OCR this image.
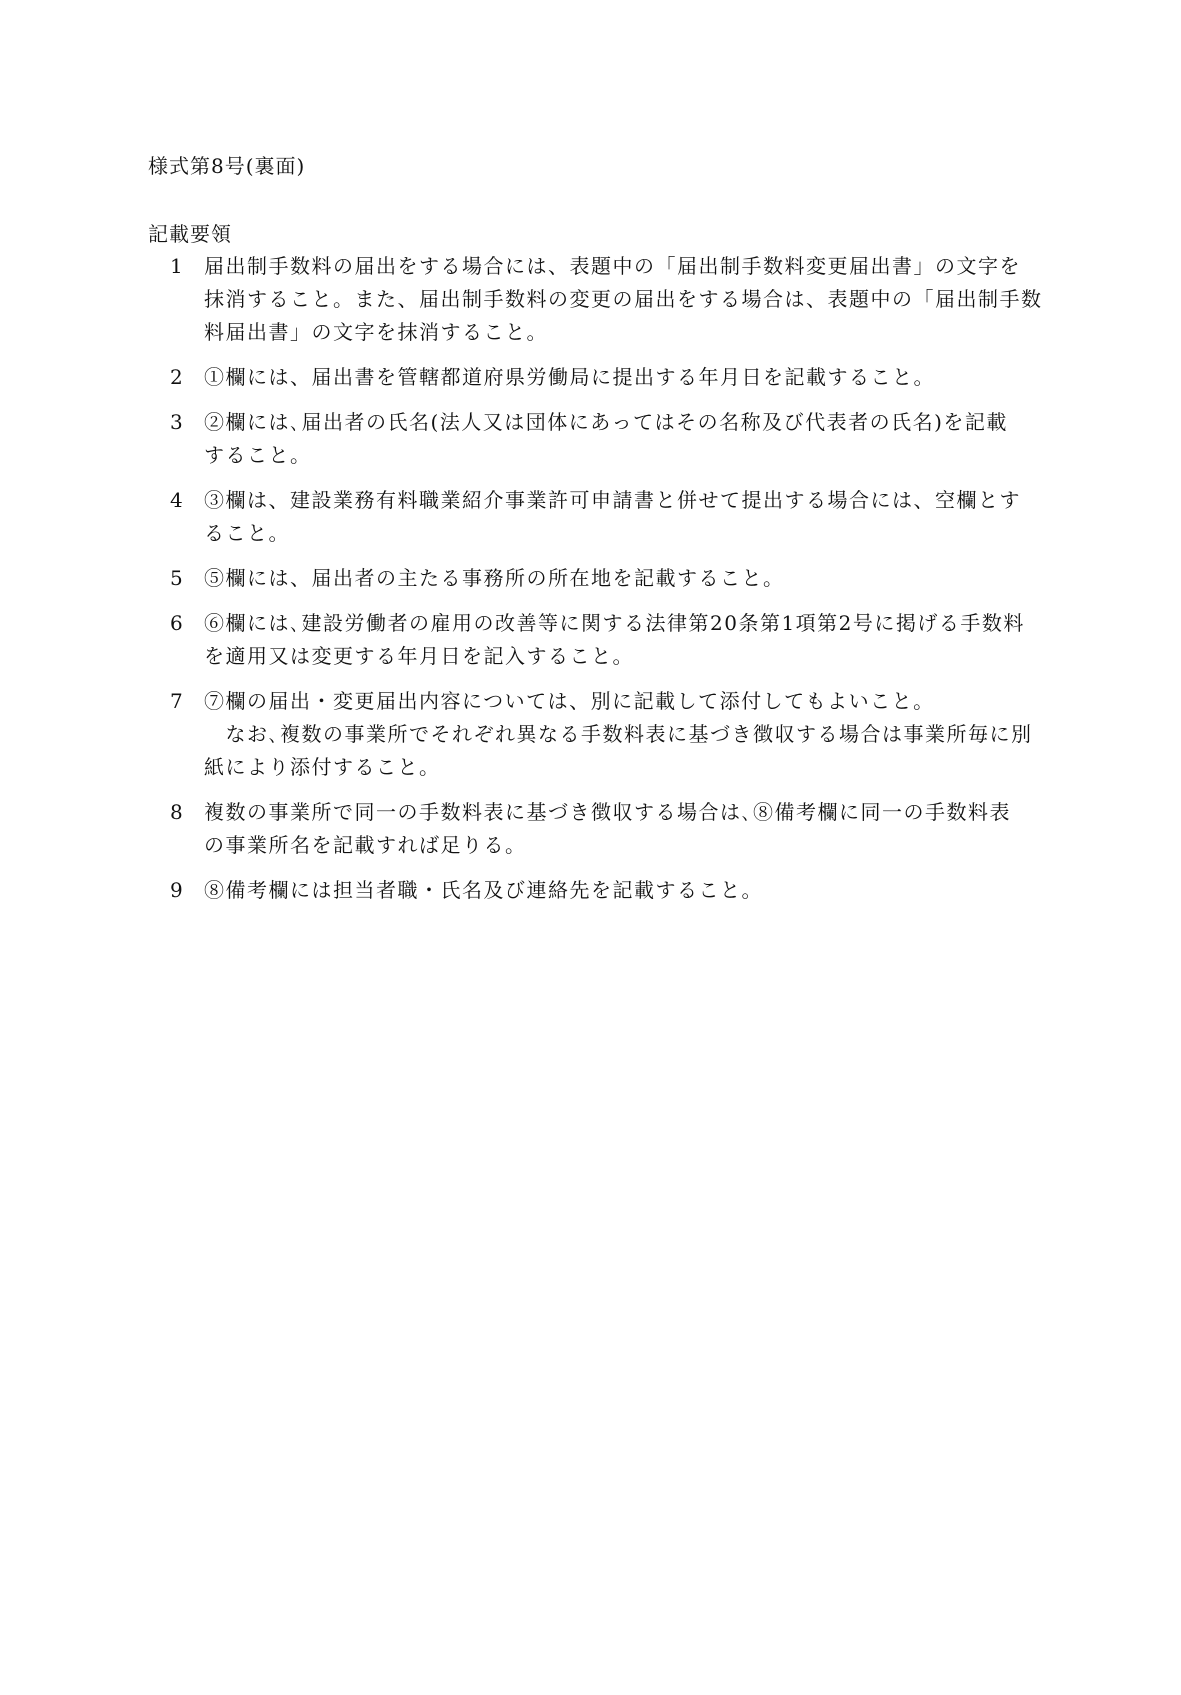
様式第8号(裏面)
記載要領
1 届出制手数料の届出をする場合には、表題中の「届出制手数料変更届出書」の文字を
抹消すること。また、届出制手数料の変更の届出をする場合は、表題中の「届出制手数
料届出書」の文字を抹消すること。
2 ①欄には、届出書を管轄都道府県労働局に提出する年月日を記載すること。
3 ②欄には､届出者の氏名(法人又は団体にあってはその名称及び代表者の氏名)を記載
すること。
4 ③欄は、建設業務有料職業紹介事業許可申請書と併せて提出する場合には、空欄とす
ること。
5 ⑤欄には、届出者の主たる事務所の所在地を記載すること。
6 ⑥欄には､建設労働者の雇用の改善等に関する法律第20条第1項第2号に掲げる手数料
を適用又は変更する年月日を記入すること。
7 ⑦欄の届出・変更届出内容については、別に記載して添付してもよいこと。
　なお､複数の事業所でそれぞれ異なる手数料表に基づき徴収する場合は事業所毎に別
紙により添付すること。
8 複数の事業所で同一の手数料表に基づき徴収する場合は､⑧備考欄に同一の手数料表
の事業所名を記載すれば足りる。
9 ⑧備考欄には担当者職・氏名及び連絡先を記載すること。
